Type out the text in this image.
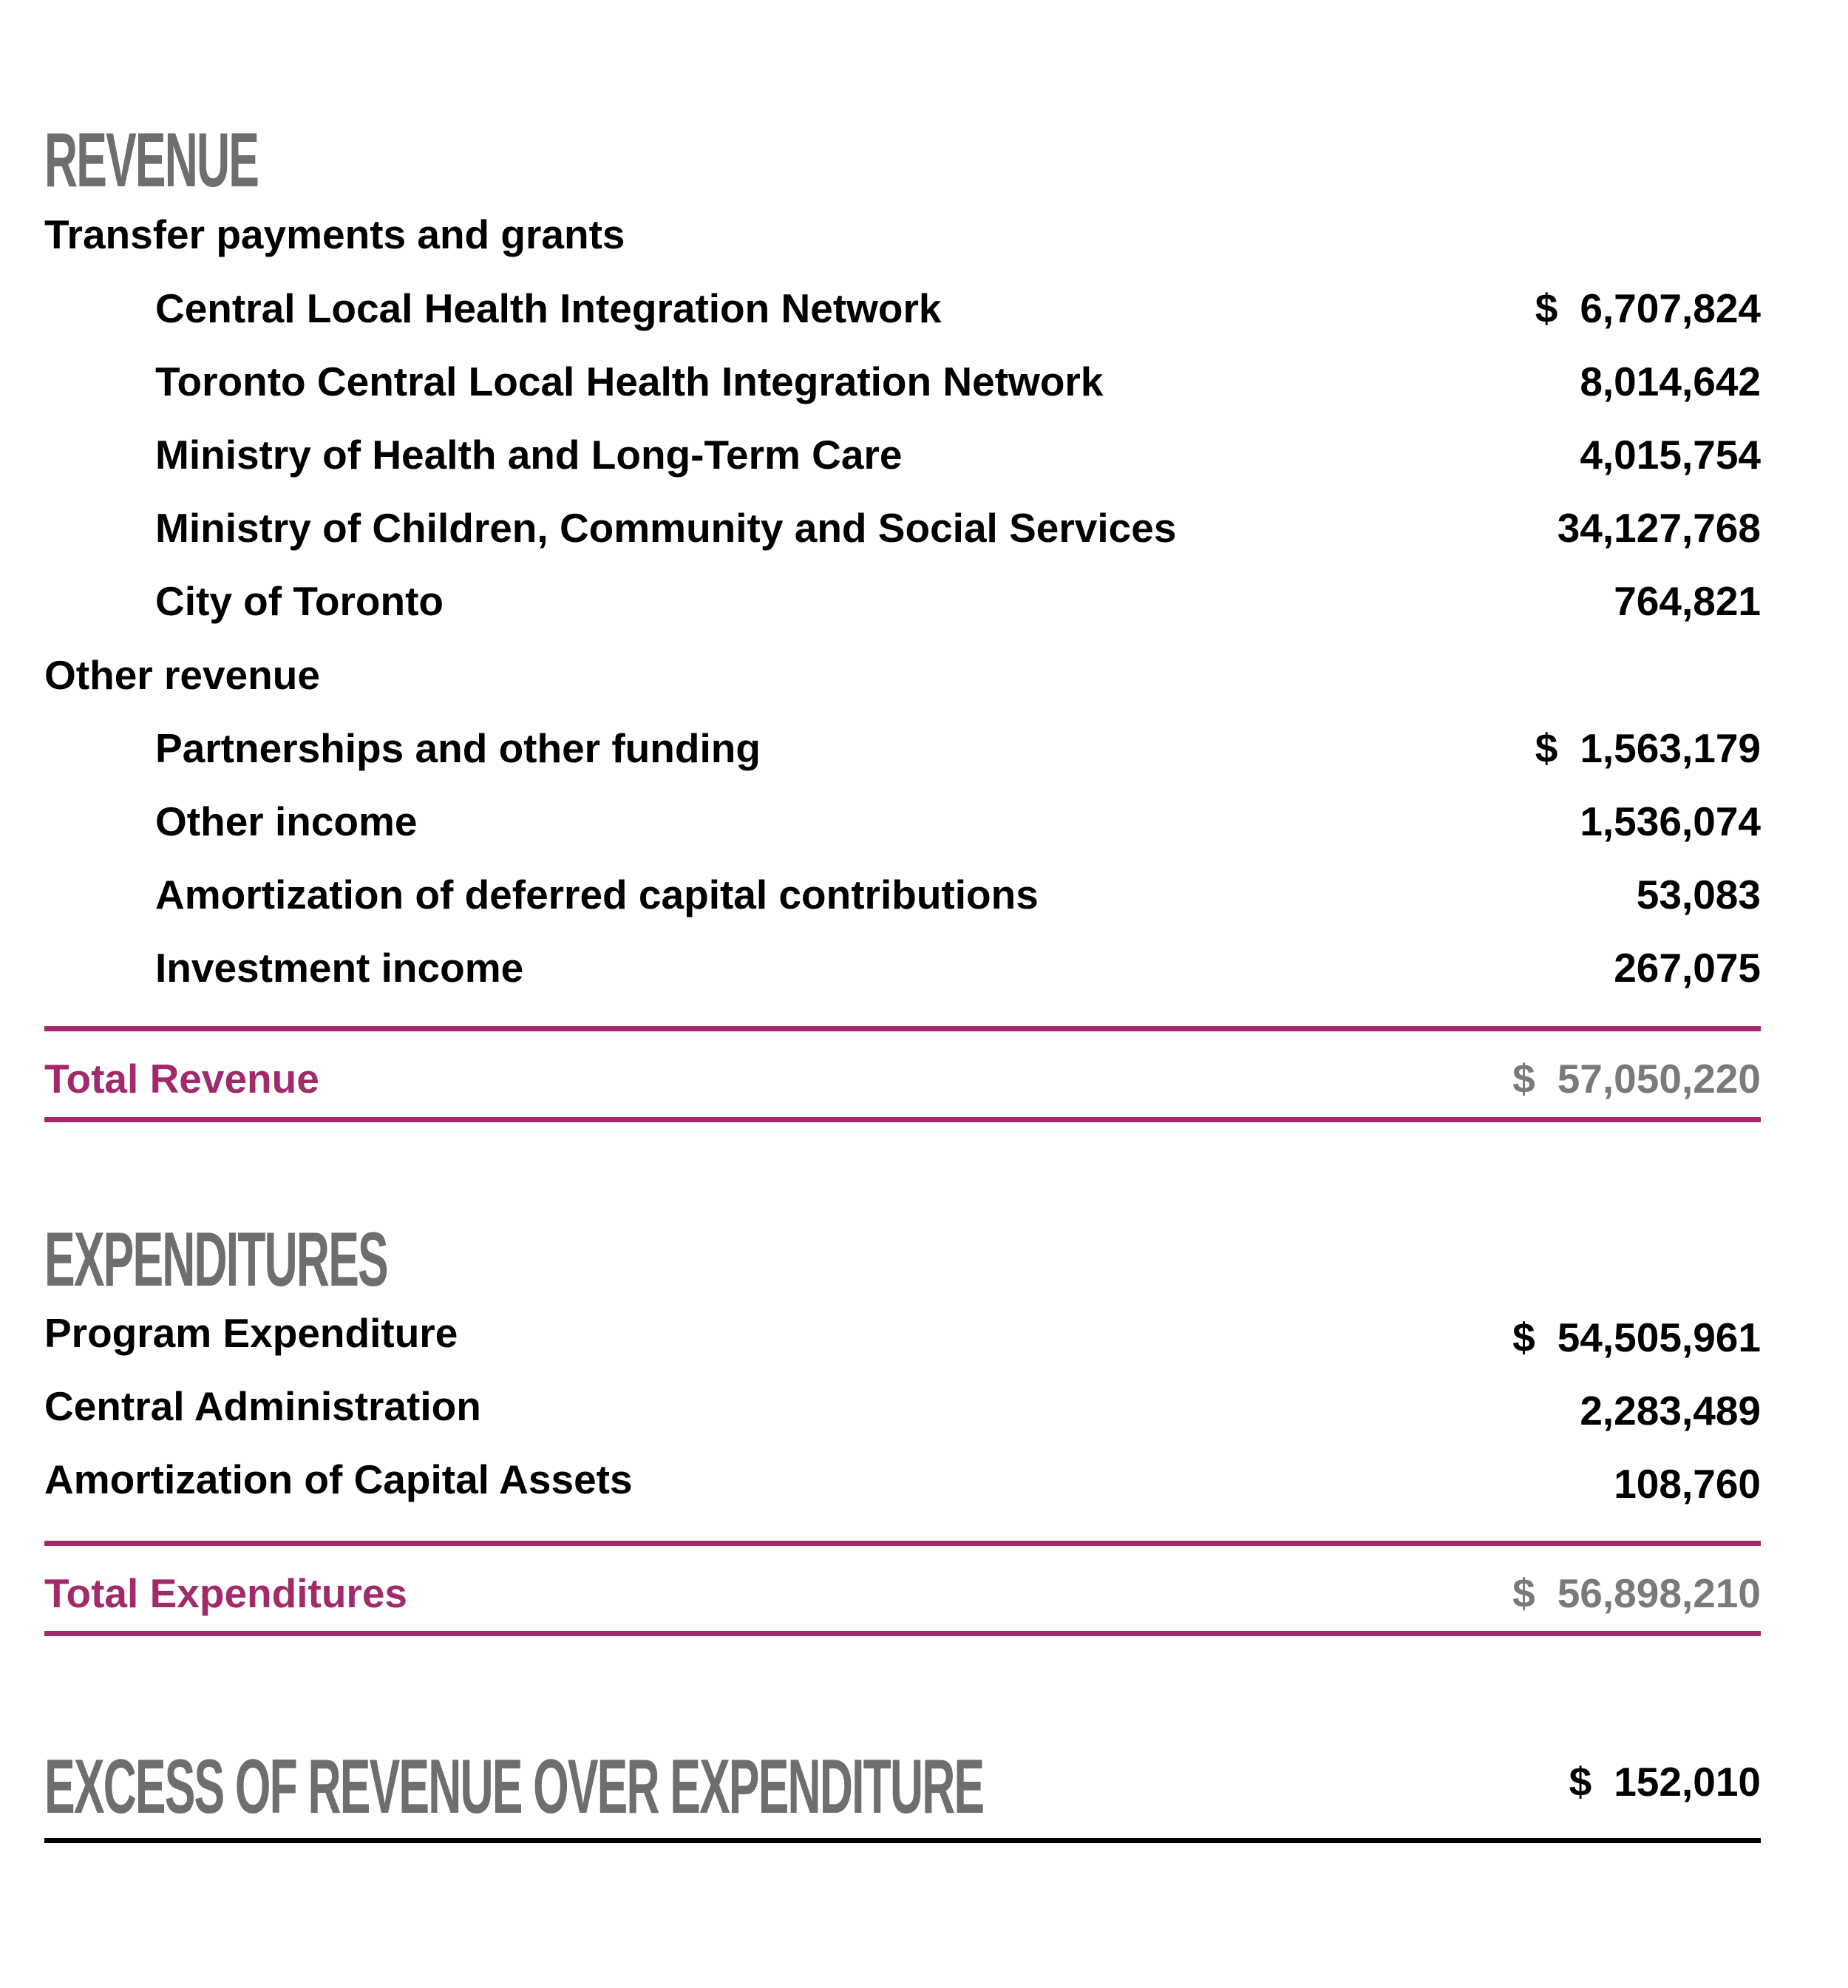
REVENUE
Transfer payments and grants
Central Local Health Integration Network	$ 6,707,824
Toronto Central Local Health Integration Network	8,014,642
Ministry of Health and Long-Term Care	4,015,754
Ministry of Children, Community and Social Services	34,127,768
City of Toronto	764,821
Other revenue
Partnerships and other funding	$ 1,563,179
Other income	1,536,074
Amortization of deferred capital contributions	53,083
Investment income	267,075
Total Revenue	$ 57,050,220
EXPENDITURES
Program Expenditure	$ 54,505,961
Central Administration	2,283,489
Amortization of Capital Assets	108,760
Total Expenditures	$ 56,898,210
EXCESS OF REVENUE OVER EXPENDITURE	$ 152,010
